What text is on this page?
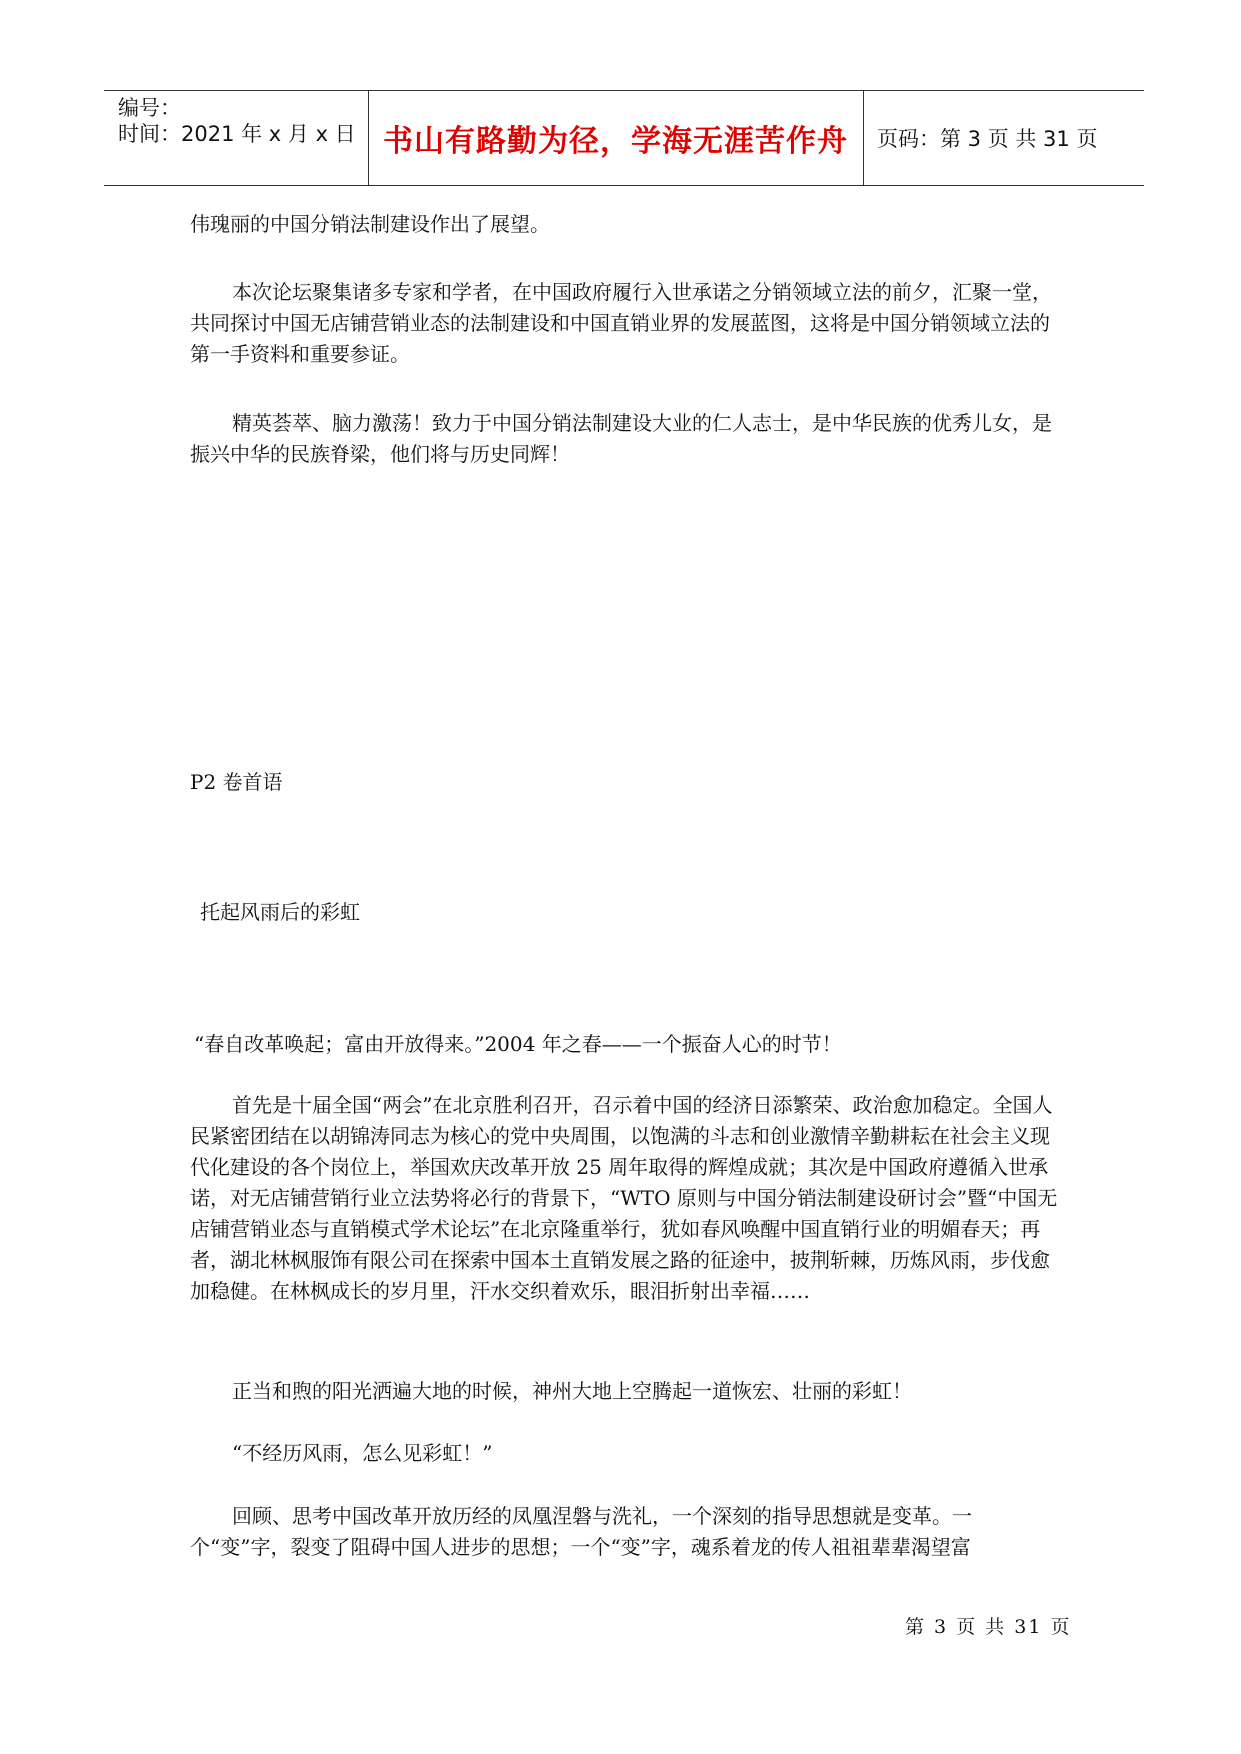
编号：
时间：2021 年 x 月 x 日 书山有路勤为径，学海无涯苦作舟 页码：第 3 页 共 31 页

伟瑰丽的中国分销法制建设作出了展望。

本次论坛聚集诸多专家和学者，在中国政府履行入世承诺之分销领域立法的前夕，汇聚一堂，共同探讨中国无店铺营销业态的法制建设和中国直销业界的发展蓝图，这将是中国分销领域立法的第一手资料和重要参证。

精英荟萃、脑力激荡！致力于中国分销法制建设大业的仁人志士，是中华民族的优秀儿女，是振兴中华的民族脊梁，他们将与历史同辉！

P2 卷首语

托起风雨后的彩虹

“春自改革唤起；富由开放得来。”2004 年之春——一个振奋人心的时节！

首先是十届全国“两会”在北京胜利召开，召示着中国的经济日添繁荣、政治愈加稳定。全国人民紧密团结在以胡锦涛同志为核心的党中央周围，以饱满的斗志和创业激情辛勤耕耘在社会主义现代化建设的各个岗位上，举国欢庆改革开放 25 周年取得的辉煌成就；其次是中国政府遵循入世承诺，对无店铺营销行业立法势将必行的背景下，“WTO 原则与中国分销法制建设研讨会”暨“中国无店铺营销业态与直销模式学术论坛”在北京隆重举行，犹如春风唤醒中国直销行业的明媚春天；再者，湖北林枫服饰有限公司在探索中国本土直销发展之路的征途中，披荆斩棘，历炼风雨，步伐愈加稳健。在林枫成长的岁月里，汗水交织着欢乐，眼泪折射出幸福……

正当和煦的阳光洒遍大地的时候，神州大地上空腾起一道恢宏、壮丽的彩虹！

“不经历风雨，怎么见彩虹！”

回顾、思考中国改革开放历经的凤凰涅磐与洗礼，一个深刻的指导思想就是变革。一个“变”字，裂变了阻碍中国人进步的思想；一个“变”字，魂系着龙的传人祖祖辈辈渴望富

第 3 页 共 31 页
